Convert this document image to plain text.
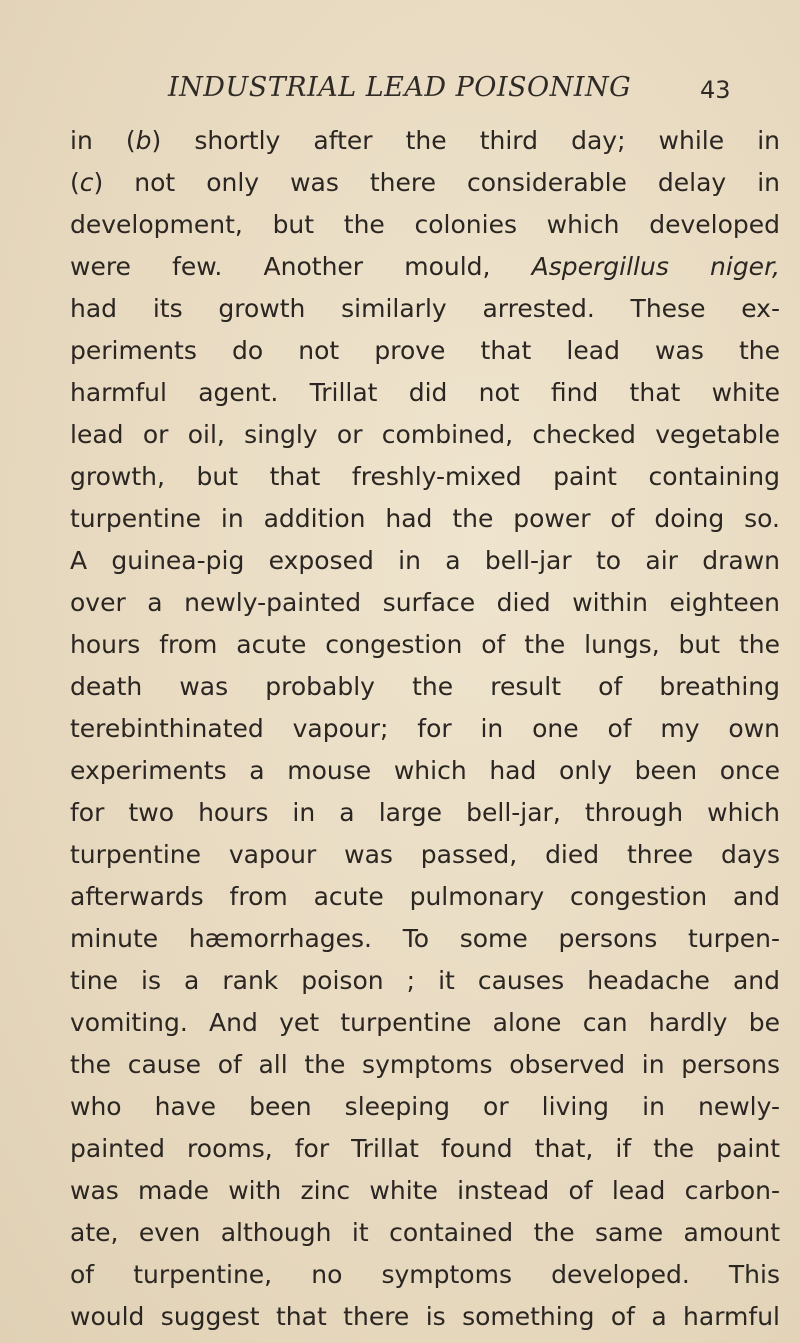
INDUSTRIAL LEAD POISONING	43
in (b) shortly after the third day; while in
(c) not only was there considerable delay in
development, but the colonies which developed
were few. Another mould, Aspergillus niger,
had its growth similarly arrested. These ex-
periments do not prove that lead was the
harmful agent. Trillat did not find that white
lead or oil, singly or combined, checked vegetable
growth, but that freshly-mixed paint containing
turpentine in addition had the power of doing so.
A guinea-pig exposed in a bell-jar to air drawn
over a newly-painted surface died within eighteen
hours from acute congestion of the lungs, but the
death was probably the result of breathing
terebinthinated vapour; for in one of my own
experiments a mouse which had only been once
for two hours in a large bell-jar, through which
turpentine vapour was passed, died three days
afterwards from acute pulmonary congestion and
minute hæmorrhages. To some persons turpen-
tine is a rank poison ; it causes headache and
vomiting. And yet turpentine alone can hardly be
the cause of all the symptoms observed in persons
who have been sleeping or living in newly-
painted rooms, for Trillat found that, if the paint
was made with zinc white instead of lead carbon-
ate, even although it contained the same amount
of turpentine, no symptoms developed. This
would suggest that there is something of a harmful
